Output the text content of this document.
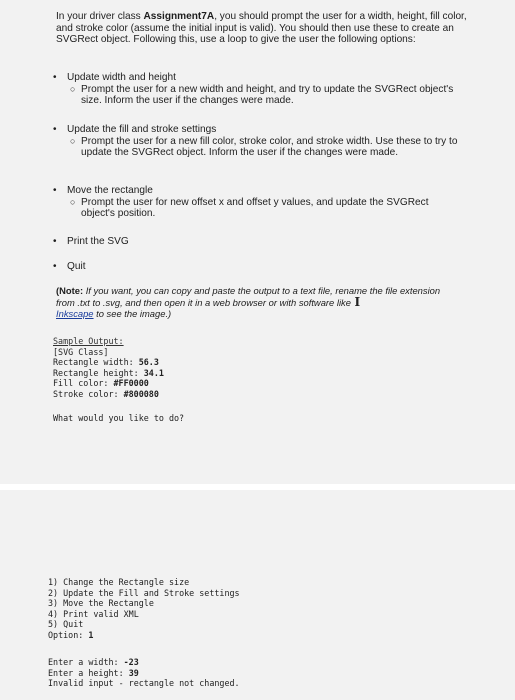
In your driver class Assignment7A, you should prompt the user for a width, height, fill color, and stroke color (assume the initial input is valid). You should then use these to create an SVGRect object. Following this, use a loop to give the user the following options:
• Update width and height
○ Prompt the user for a new width and height, and try to update the SVGRect object's size. Inform the user if the changes were made.
• Update the fill and stroke settings
○ Prompt the user for a new fill color, stroke color, and stroke width. Use these to try to update the SVGRect object. Inform the user if the changes were made.
• Move the rectangle
○ Prompt the user for new offset x and offset y values, and update the SVGRect object's position.
• Print the SVG
• Quit
(Note: If you want, you can copy and paste the output to a text file, rename the file extension from .txt to .svg, and then open it in a web browser or with software like I
Inkscape to see the image.)
Sample Output:
[SVG Class]
Rectangle width: 56.3
Rectangle height: 34.1
Fill color: #FF0000
Stroke color: #800080
What would you like to do?
1) Change the Rectangle size
2) Update the Fill and Stroke settings
3) Move the Rectangle
4) Print valid XML
5) Quit
Option: 1
Enter a width: -23
Enter a height: 39
Invalid input - rectangle not changed.
